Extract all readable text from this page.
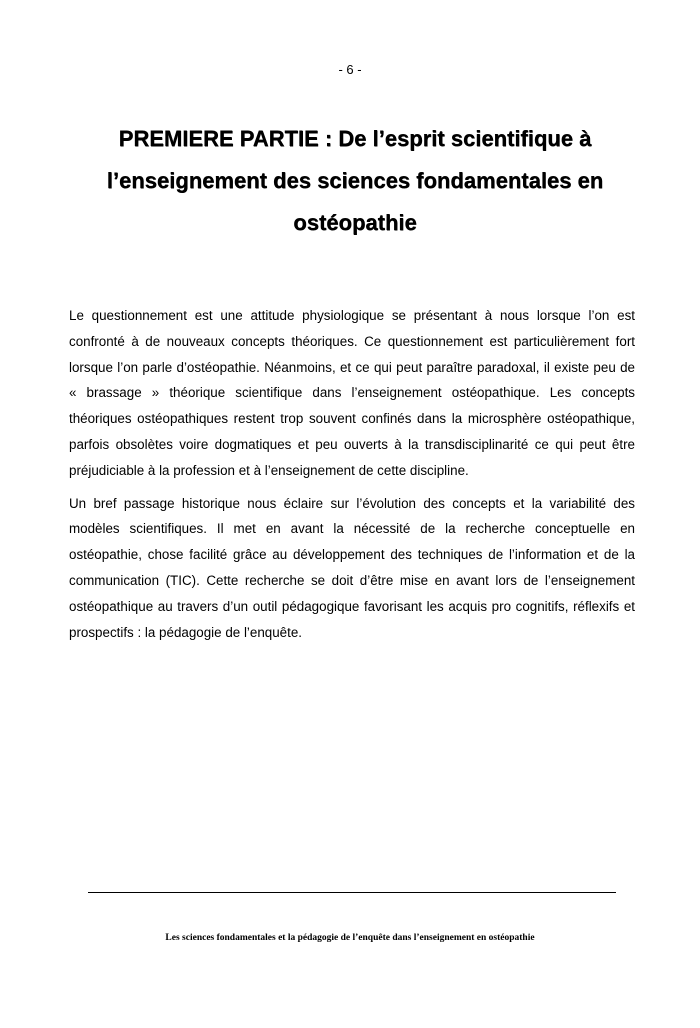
- 6 -
PREMIERE PARTIE : De l’esprit scientifique à l’enseignement des sciences fondamentales en ostéopathie

Le questionnement est une attitude physiologique se présentant à nous lorsque l’on est confronté à de nouveaux concepts théoriques. Ce questionnement est particulièrement fort lorsque l’on parle d’ostéopathie. Néanmoins, et ce qui peut paraître paradoxal, il existe peu de « brassage » théorique scientifique dans l’enseignement ostéopathique. Les concepts théoriques ostéopathiques restent trop souvent confinés dans la microsphère ostéopathique, parfois obsolètes voire dogmatiques et peu ouverts à la transdisciplinarité ce qui peut être préjudiciable à la profession et à l’enseignement de cette discipline.

Un bref passage historique nous éclaire sur l’évolution des concepts et la variabilité des modèles scientifiques. Il met en avant la nécessité de la recherche conceptuelle en ostéopathie, chose facilité grâce au développement des techniques de l’information et de la communication (TIC). Cette recherche se doit d’être mise en avant lors de l’enseignement ostéopathique au travers d’un outil pédagogique favorisant les acquis pro cognitifs, réflexifs et prospectifs : la pédagogie de l’enquête.

Les sciences fondamentales et la pédagogie de l’enquête dans l’enseignement en ostéopathie
